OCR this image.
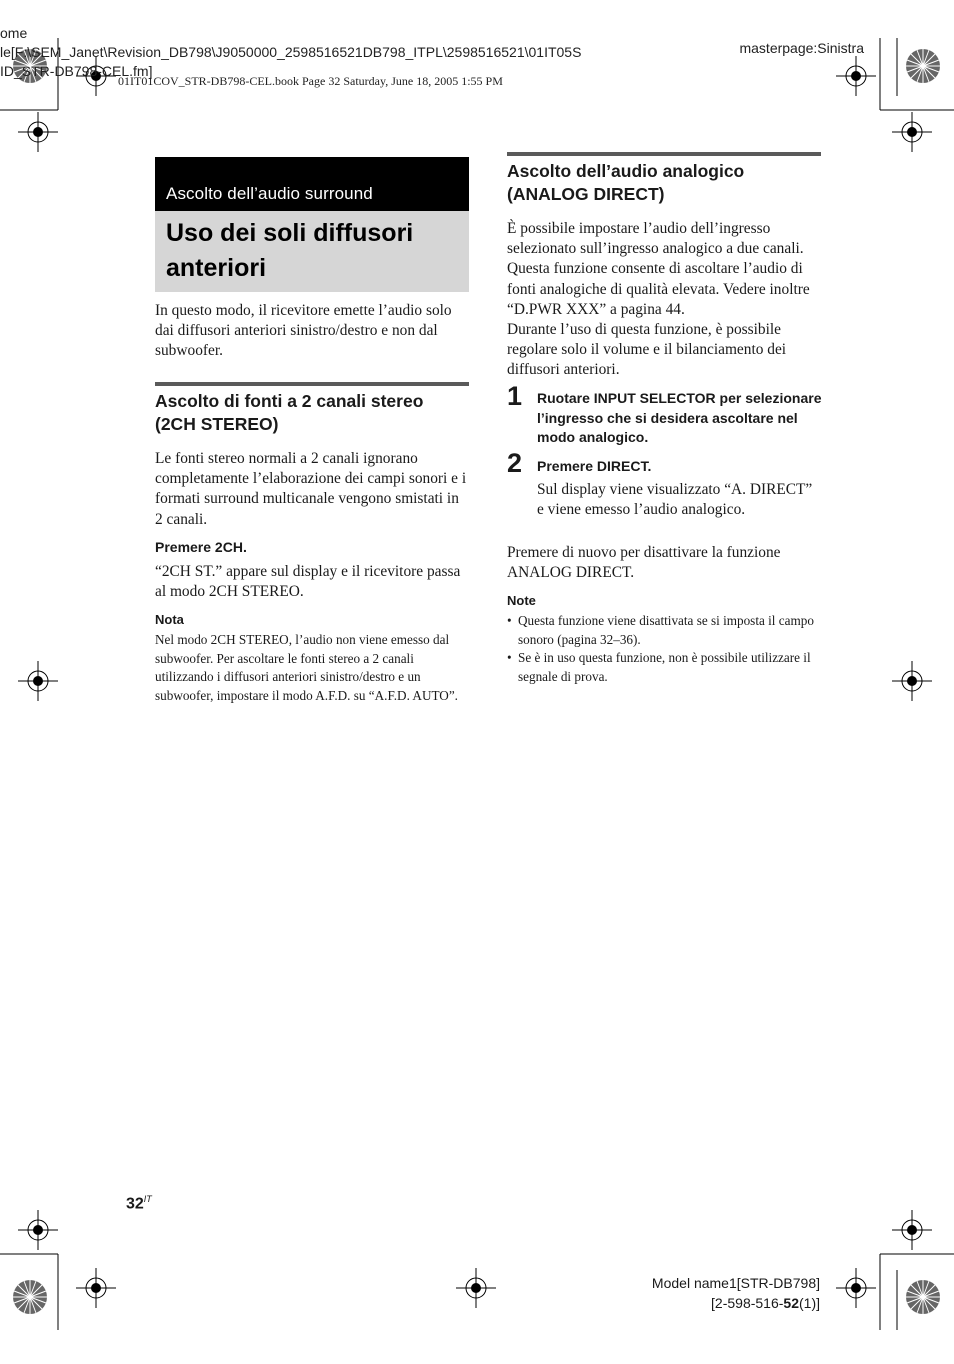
ome
le[F:\SEM_Janet\Revision_DB798\J9050000_2598516521DB798_ITPL\2598516521\01IT05S
ID_STR-DB798-CEL.fm]
masterpage:Sinistra
01IT01COV_STR-DB798-CEL.book Page 32 Saturday, June 18, 2005 1:55 PM
Ascolto dell’audio surround
Uso dei soli diffusori anteriori
In questo modo, il ricevitore emette l’audio solo dai diffusori anteriori sinistro/destro e non dal subwoofer.
Ascolto di fonti a 2 canali stereo (2CH STEREO)
Le fonti stereo normali a 2 canali ignorano completamente l’elaborazione dei campi sonori e i formati surround multicanale vengono smistati in 2 canali.
Premere 2CH.
“2CH ST.” appare sul display e il ricevitore passa al modo 2CH STEREO.
Nota
Nel modo 2CH STEREO, l’audio non viene emesso dal subwoofer. Per ascoltare le fonti stereo a 2 canali utilizzando i diffusori anteriori sinistro/destro e un subwoofer, impostare il modo A.F.D. su “A.F.D. AUTO”.
Ascolto dell’audio analogico (ANALOG DIRECT)
È possibile impostare l’audio dell’ingresso selezionato sull’ingresso analogico a due canali. Questa funzione consente di ascoltare l’audio di fonti analogiche di qualità elevata. Vedere inoltre “D.PWR XXX” a pagina 44.
Durante l’uso di questa funzione, è possibile regolare solo il volume e il bilanciamento dei diffusori anteriori.
1 Ruotare INPUT SELECTOR per selezionare l’ingresso che si desidera ascoltare nel modo analogico.
2 Premere DIRECT.
Sul display viene visualizzato “A. DIRECT” e viene emesso l’audio analogico.
Premere di nuovo per disattivare la funzione ANALOG DIRECT.
Note
• Questa funzione viene disattivata se si imposta il campo sonoro (pagina 32–36).
• Se è in uso questa funzione, non è possibile utilizzare il segnale di prova.
$32^{IT}$
Model name1[STR-DB798]
[2-598-516-52(1)]
